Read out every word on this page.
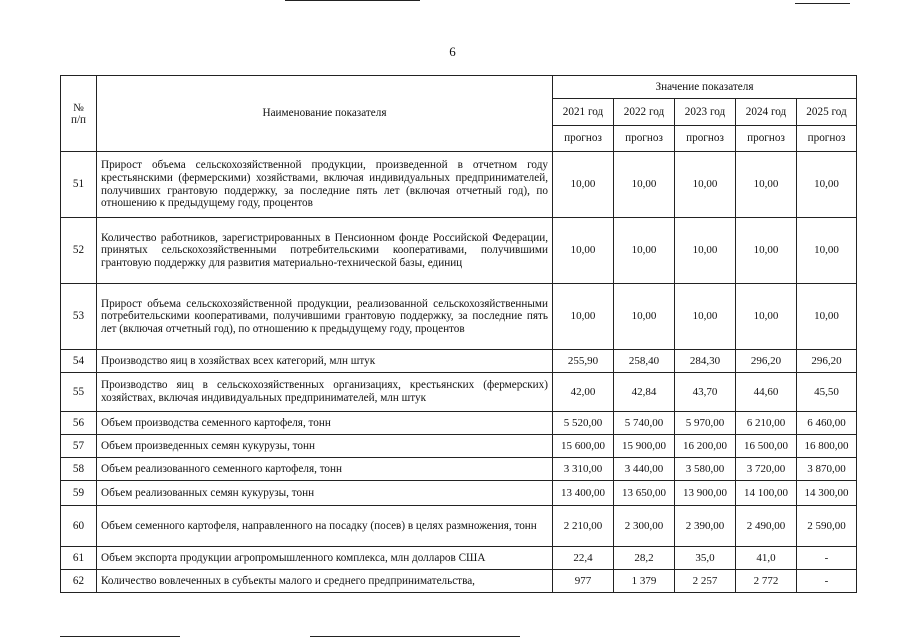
6
№
п/п	Наименование показателя	Значение показателя				
		2021 год	2022 год	2023 год	2024 год	2025 год
		прогноз	прогноз	прогноз	прогноз	прогноз
51	Прирост объема сельскохозяйственной продукции, произведенной в отчетном году крестьянскими (фермерскими) хозяйствами, включая индивидуальных предпринимателей, получивших грантовую поддержку, за последние пять лет (включая отчетный год), по отношению к предыдущему году, процентов	10,00	10,00	10,00	10,00	10,00
52	Количество работников, зарегистрированных в Пенсионном фонде Российской Федерации, принятых сельскохозяйственными потребительскими кооперативами, получившими грантовую поддержку для развития материально-технической базы, единиц	10,00	10,00	10,00	10,00	10,00
53	Прирост объема сельскохозяйственной продукции, реализованной сельскохозяйственными потребительскими кооперативами, получившими грантовую поддержку, за последние пять лет (включая отчетный год), по отношению к предыдущему году, процентов	10,00	10,00	10,00	10,00	10,00
54	Производство яиц в хозяйствах всех категорий, млн штук	255,90	258,40	284,30	296,20	296,20
55	Производство яиц в сельскохозяйственных организациях, крестьянских (фермерских) хозяйствах, включая индивидуальных предпринимателей, млн штук	42,00	42,84	43,70	44,60	45,50
56	Объем производства семенного картофеля, тонн	5 520,00	5 740,00	5 970,00	6 210,00	6 460,00
57	Объем произведенных семян кукурузы, тонн	15 600,00	15 900,00	16 200,00	16 500,00	16 800,00
58	Объем реализованного семенного картофеля, тонн	3 310,00	3 440,00	3 580,00	3 720,00	3 870,00
59	Объем реализованных семян кукурузы, тонн	13 400,00	13 650,00	13 900,00	14 100,00	14 300,00
60	Объем семенного картофеля, направленного на посадку (посев) в целях размножения, тонн	2 210,00	2 300,00	2 390,00	2 490,00	2 590,00
61	Объем экспорта продукции агропромышленного комплекса, млн долларов США	22,4	28,2	35,0	41,0	-
62	Количество вовлеченных в субъекты малого и среднего предпринимательства,	977	1 379	2 257	2 772	-
